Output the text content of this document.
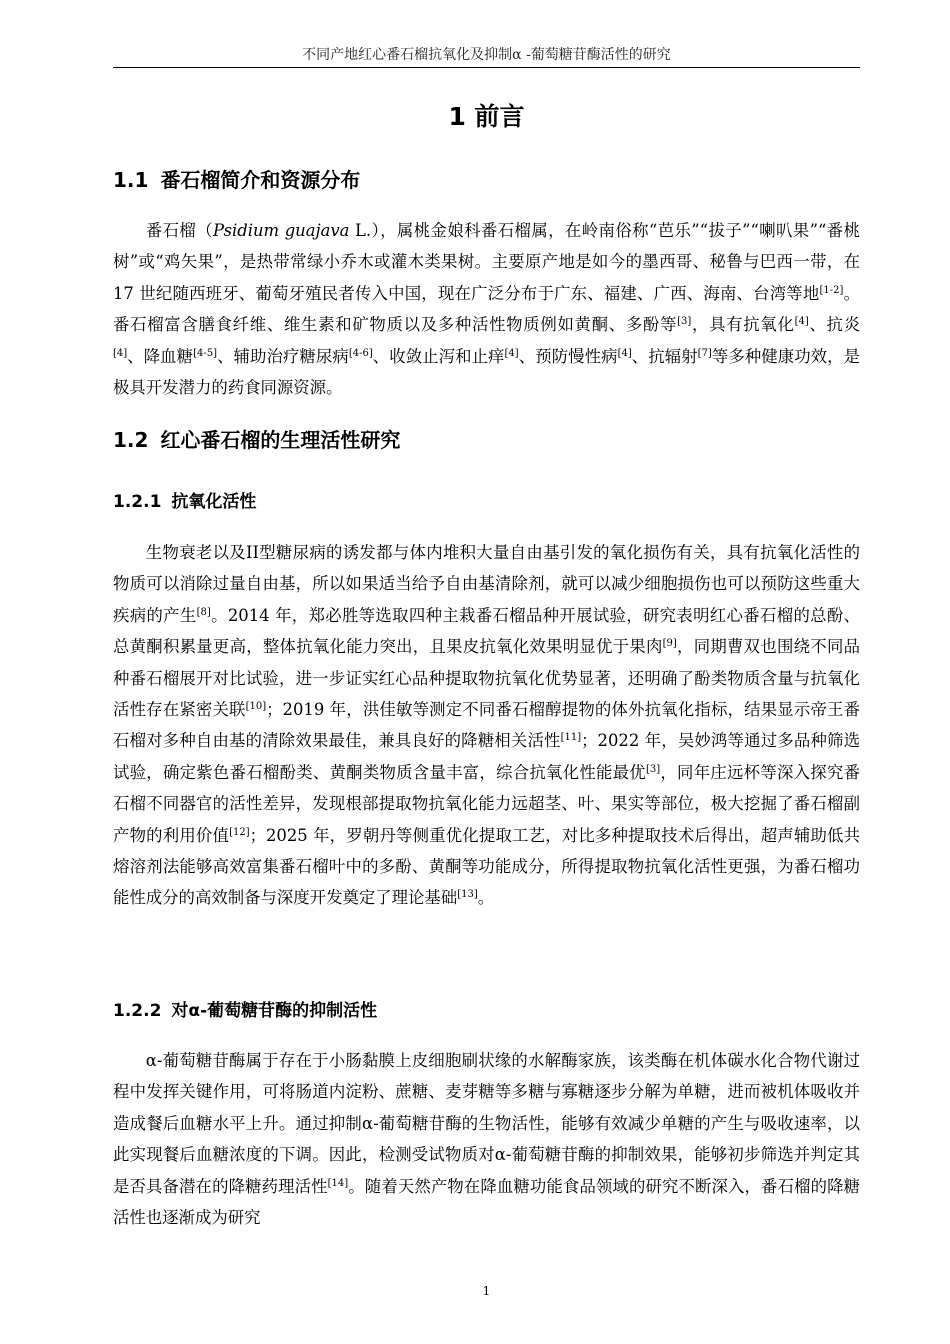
不同产地红心番石榴抗氧化及抑制α -葡萄糖苷酶活性的研究
1 前言
1.1 番石榴简介和资源分布
番石榴（Psidium guajava L.），属桃金娘科番石榴属，在岭南俗称“芭乐”“拔子”“喇叭果”“番桃树”或“鸡矢果”，是热带常绿小乔木或灌木类果树。主要原产地是如今的墨西哥、秘鲁与巴西一带，在 17 世纪随西班牙、葡萄牙殖民者传入中国，现在广泛分布于广东、福建、广西、海南、台湾等地[1-2]。番石榴富含膳食纤维、维生素和矿物质以及多种活性物质例如黄酮、多酚等[3]，具有抗氧化[4]、抗炎[4]、降血糖[4-5]、辅助治疗糖尿病[4-6]、收敛止泻和止痒[4]、预防慢性病[4]、抗辐射[7]等多种健康功效，是极具开发潜力的药食同源资源。
1.2 红心番石榴的生理活性研究
1.2.1 抗氧化活性
生物衰老以及II型糖尿病的诱发都与体内堆积大量自由基引发的氧化损伤有关，具有抗氧化活性的物质可以消除过量自由基，所以如果适当给予自由基清除剂，就可以减少细胞损伤也可以预防这些重大疾病的产生[8]。2014 年，郑必胜等选取四种主栽番石榴品种开展试验，研究表明红心番石榴的总酚、总黄酮积累量更高，整体抗氧化能力突出，且果皮抗氧化效果明显优于果肉[9]，同期曹双也围绕不同品种番石榴展开对比试验，进一步证实红心品种提取物抗氧化优势显著，还明确了酚类物质含量与抗氧化活性存在紧密关联[10]；2019 年，洪佳敏等测定不同番石榴醇提物的体外抗氧化指标，结果显示帝王番石榴对多种自由基的清除效果最佳，兼具良好的降糖相关活性[11]；2022 年，吴妙鸿等通过多品种筛选试验，确定紫色番石榴酚类、黄酮类物质含量丰富，综合抗氧化性能最优[3]，同年庄远杯等深入探究番石榴不同器官的活性差异，发现根部提取物抗氧化能力远超茎、叶、果实等部位，极大挖掘了番石榴副产物的利用价值[12]；2025 年，罗朝丹等侧重优化提取工艺，对比多种提取技术后得出，超声辅助低共熔溶剂法能够高效富集番石榴叶中的多酚、黄酮等功能成分，所得提取物抗氧化活性更强，为番石榴功能性成分的高效制备与深度开发奠定了理论基础[13]。
1.2.2 对α-葡萄糖苷酶的抑制活性
α-葡萄糖苷酶属于存在于小肠黏膜上皮细胞刷状缘的水解酶家族，该类酶在机体碳水化合物代谢过程中发挥关键作用，可将肠道内淀粉、蔗糖、麦芽糖等多糖与寡糖逐步分解为单糖，进而被机体吸收并造成餐后血糖水平上升。通过抑制α-葡萄糖苷酶的生物活性，能够有效减少单糖的产生与吸收速率，以此实现餐后血糖浓度的下调。因此，检测受试物质对α-葡萄糖苷酶的抑制效果，能够初步筛选并判定其是否具备潜在的降糖药理活性[14]。随着天然产物在降血糖功能食品领域的研究不断深入，番石榴的降糖活性也逐渐成为研究
1
